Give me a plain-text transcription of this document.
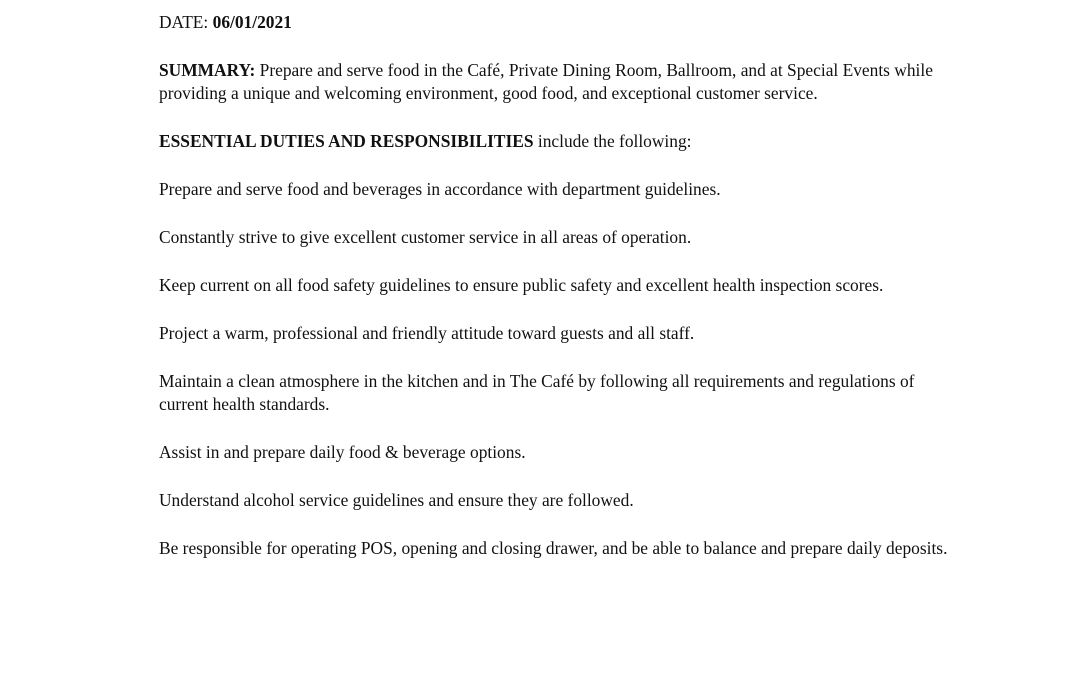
DATE: 06/01/2021

SUMMARY: Prepare and serve food in the Café, Private Dining Room, Ballroom, and at Special Events while providing a unique and welcoming environment, good food, and exceptional customer service.

ESSENTIAL DUTIES AND RESPONSIBILITIES include the following:

Prepare and serve food and beverages in accordance with department guidelines.

Constantly strive to give excellent customer service in all areas of operation.

Keep current on all food safety guidelines to ensure public safety and excellent health inspection scores.

Project a warm, professional and friendly attitude toward guests and all staff.

Maintain a clean atmosphere in the kitchen and in The Café by following all requirements and regulations of current health standards.

Assist in and prepare daily food & beverage options.

Understand alcohol service guidelines and ensure they are followed.

Be responsible for operating POS, opening and closing drawer, and be able to balance and prepare daily deposits.
